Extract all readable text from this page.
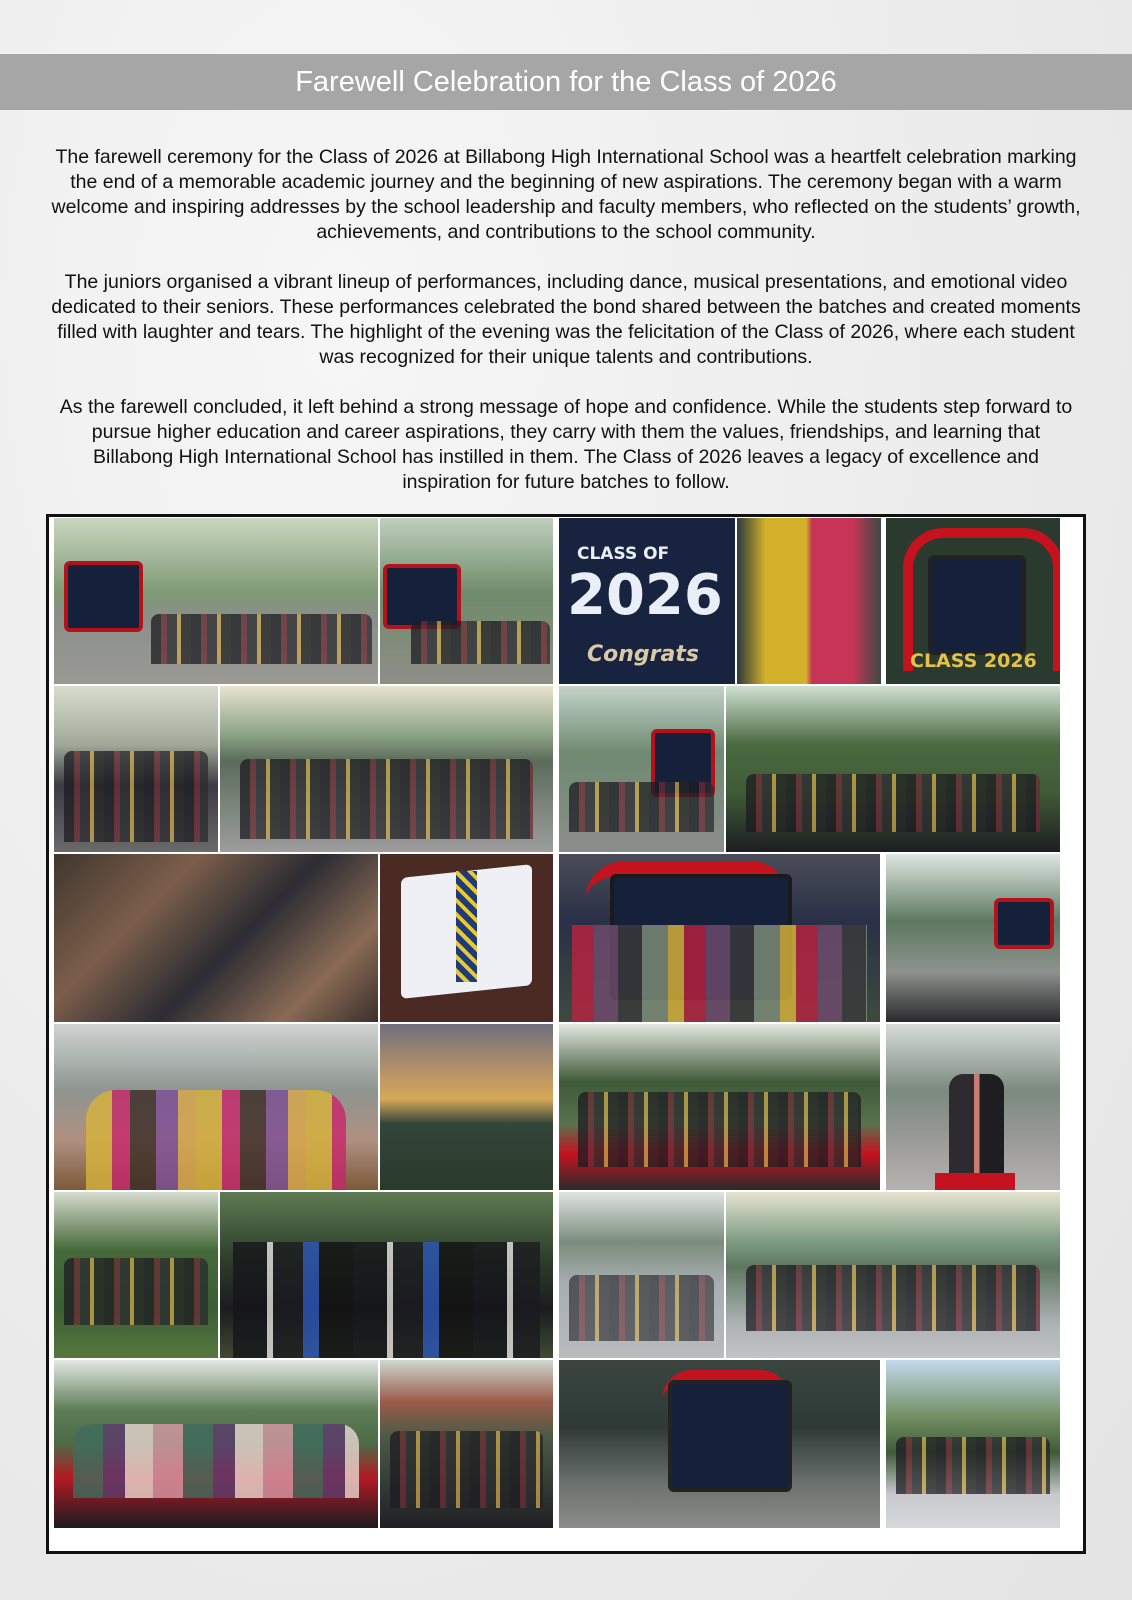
Farewell Celebration for the Class of 2026

The farewell ceremony for the Class of 2026 at Billabong High International School was a heartfelt celebration marking the end of a memorable academic journey and the beginning of new aspirations. The ceremony began with a warm welcome and inspiring addresses by the school leadership and faculty members, who reflected on the students’ growth, achievements, and contributions to the school community.

The juniors organised a vibrant lineup of performances, including dance, musical presentations, and emotional video dedicated to their seniors. These performances celebrated the bond shared between the batches and created moments filled with laughter and tears. The highlight of the evening was the felicitation of the Class of 2026, where each student was recognized for their unique talents and contributions.

As the farewell concluded, it left behind a strong message of hope and confidence. While the students step forward to pursue higher education and career aspirations, they carry with them the values, friendships, and learning that Billabong High International School has instilled in them. The Class of 2026 leaves a legacy of excellence and inspiration for future batches to follow.

CLASS OF
2026
Congrats	CLASS 2026
